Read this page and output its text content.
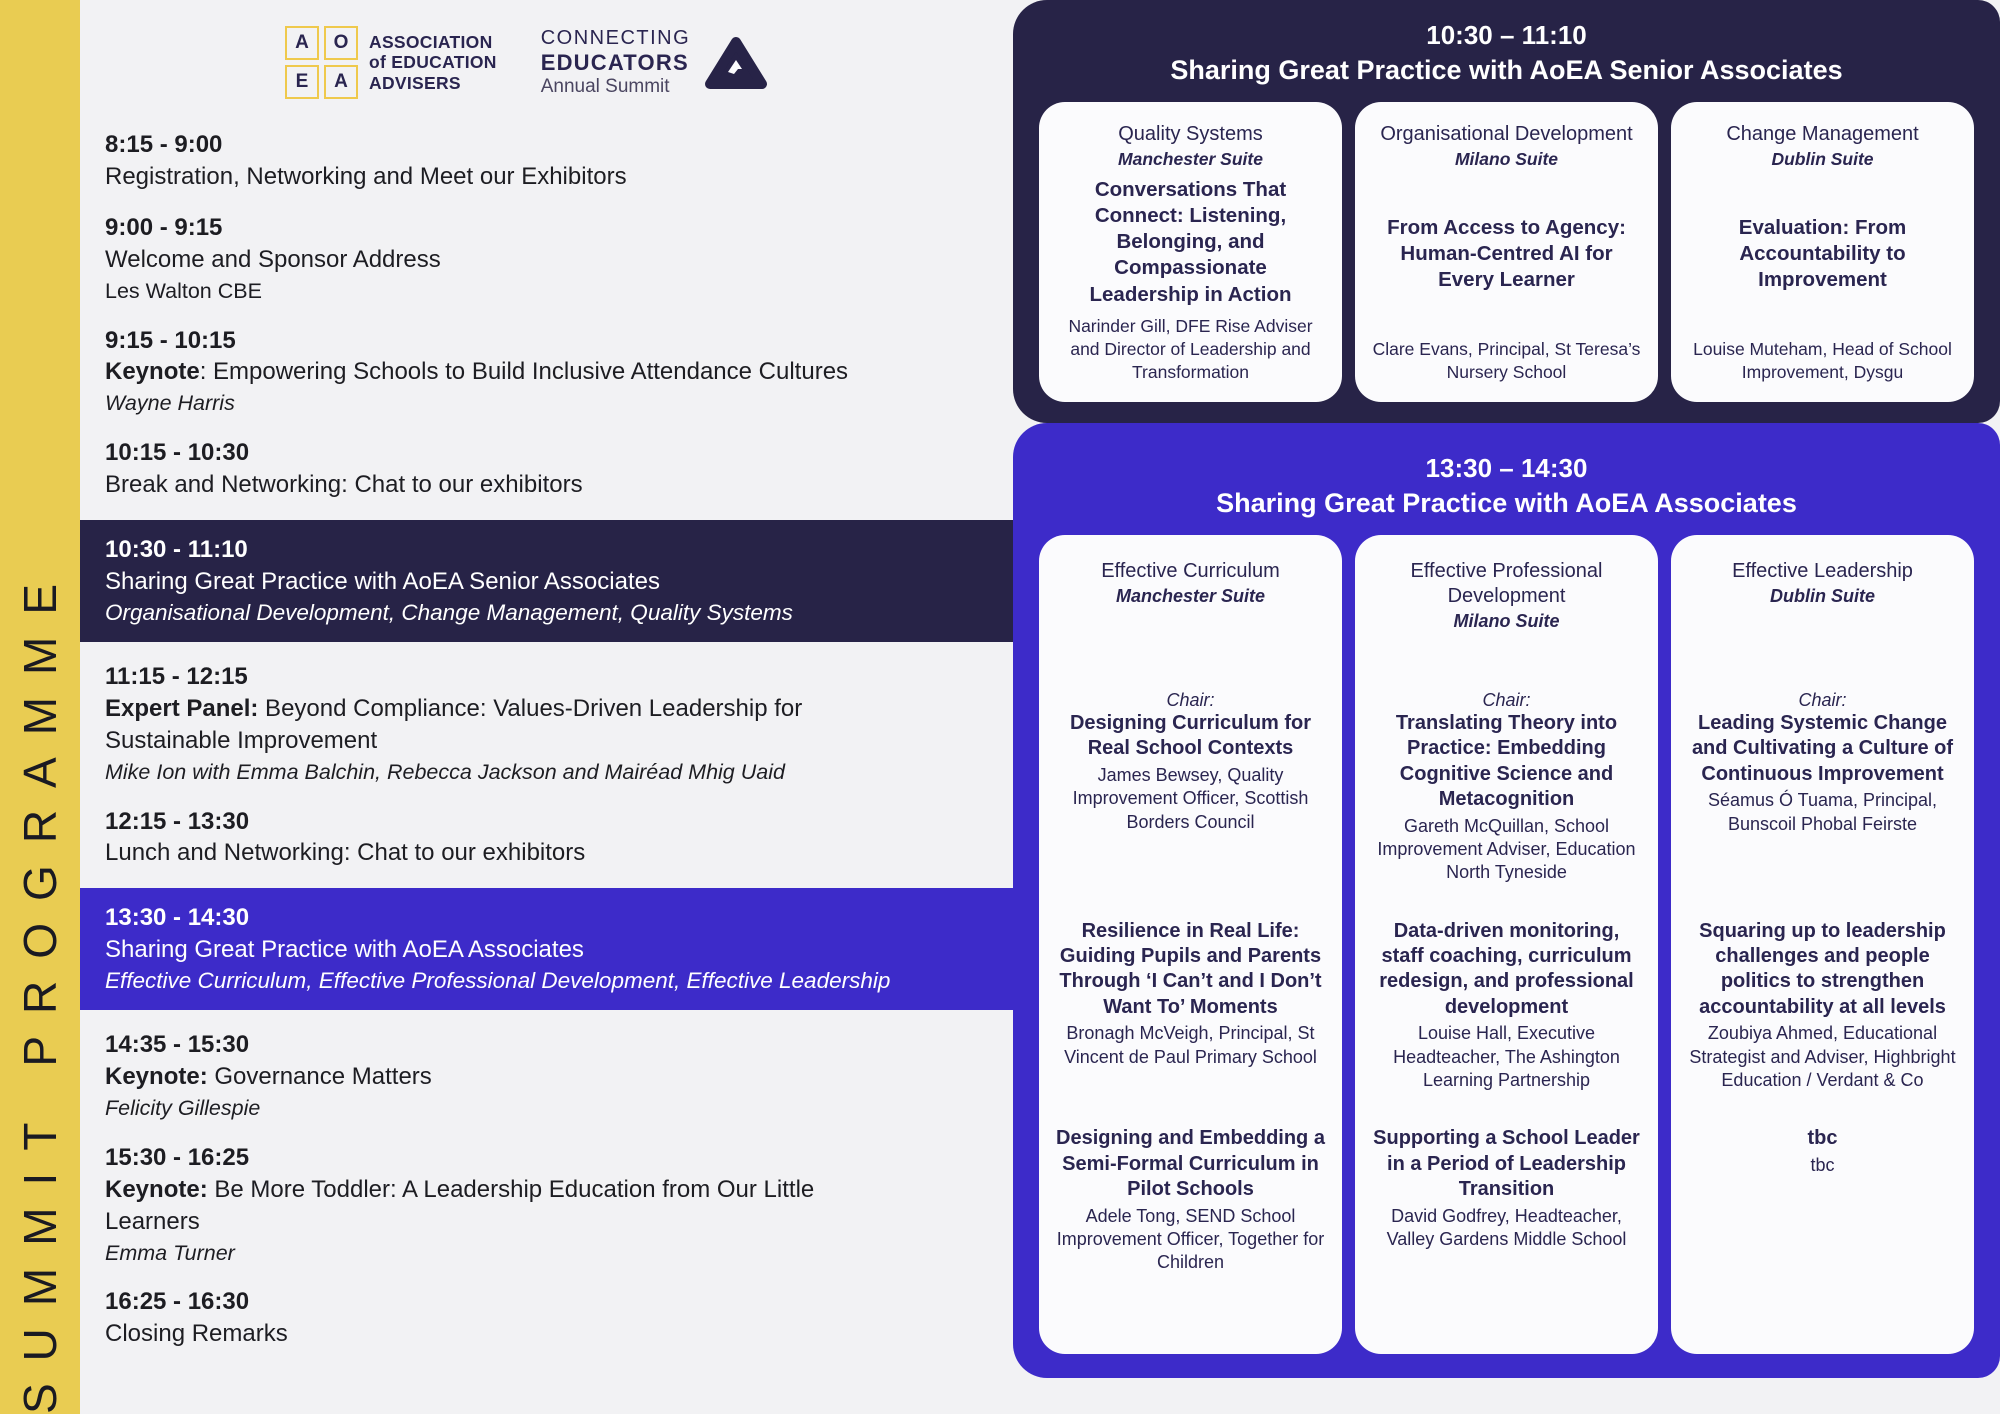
SUMMIT PROGRAMME
A	O
E	A
ASSOCIATION
of EDUCATION
ADVISERS
CONNECTING
EDUCATORS
Annual Summit
8:15 - 9:00
Registration, Networking and Meet our Exhibitors
9:00 - 9:15
Welcome and Sponsor Address
Les Walton CBE
9:15 - 10:15
Keynote: Empowering Schools to Build Inclusive Attendance Cultures
Wayne Harris
10:15 - 10:30
Break and Networking: Chat to our exhibitors
10:30 - 11:10
Sharing Great Practice with AoEA Senior Associates
Organisational Development, Change Management, Quality Systems
11:15 - 12:15
Expert Panel: Beyond Compliance: Values-Driven Leadership for Sustainable Improvement
Mike Ion with Emma Balchin, Rebecca Jackson and Mairéad Mhig Uaid
12:15 - 13:30
Lunch and Networking: Chat to our exhibitors
13:30 - 14:30
Sharing Great Practice with AoEA Associates
Effective Curriculum, Effective Professional Development, Effective Leadership
14:35 - 15:30
Keynote: Governance Matters
Felicity Gillespie
15:30 - 16:25
Keynote: Be More Toddler: A Leadership Education from Our Little Learners
Emma Turner
16:25 - 16:30
Closing Remarks
10:30 – 11:10
Sharing Great Practice with AoEA Senior Associates
Quality Systems
Manchester Suite
Conversations That Connect: Listening, Belonging, and Compassionate Leadership in Action
Narinder Gill, DFE Rise Adviser and Director of Leadership and Transformation
Organisational Development
Milano Suite
From Access to Agency: Human-Centred AI for Every Learner
Clare Evans, Principal, St Teresa’s Nursery School
Change Management
Dublin Suite
Evaluation: From Accountability to Improvement
Louise Muteham, Head of School Improvement, Dysgu
13:30 – 14:30
Sharing Great Practice with AoEA Associates
Effective Curriculum
Manchester Suite
Chair:
Designing Curriculum for Real School Contexts
James Bewsey, Quality Improvement Officer, Scottish Borders Council
Resilience in Real Life: Guiding Pupils and Parents Through ‘I Can’t and I Don’t Want To’ Moments
Bronagh McVeigh, Principal, St Vincent de Paul Primary School
Designing and Embedding a Semi-Formal Curriculum in Pilot Schools
Adele Tong, SEND School Improvement Officer, Together for Children
Effective Professional Development
Milano Suite
Chair:
Translating Theory into Practice: Embedding Cognitive Science and Metacognition
Gareth McQuillan, School Improvement Adviser, Education North Tyneside
Data-driven monitoring, staff coaching, curriculum redesign, and professional development
Louise Hall, Executive Headteacher, The Ashington Learning Partnership
Supporting a School Leader in a Period of Leadership Transition
David Godfrey, Headteacher, Valley Gardens Middle School
Effective Leadership
Dublin Suite
Chair:
Leading Systemic Change and Cultivating a Culture of Continuous Improvement
Séamus Ó Tuama, Principal, Bunscoil Phobal Feirste
Squaring up to leadership challenges and people politics to strengthen accountability at all levels
Zoubiya Ahmed, Educational Strategist and Adviser, Highbright Education / Verdant & Co
tbc
tbc
